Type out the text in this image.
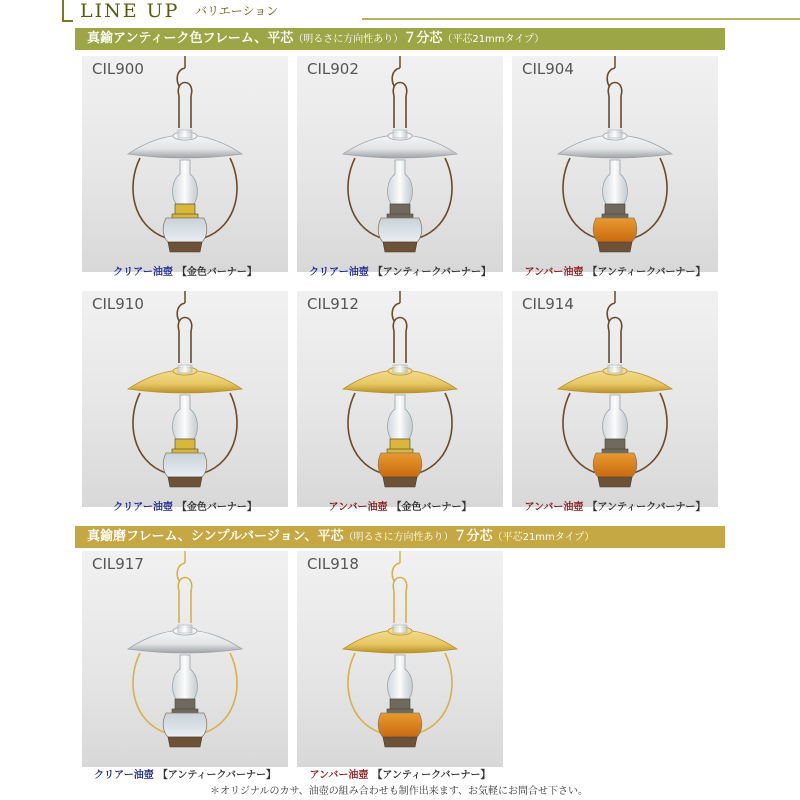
LINE UP バリエーション
真鍮アンティーク色フレーム、平芯（明るさに方向性あり）７分芯（平芯21mmタイプ）
真鍮磨フレーム、シンプルバージョン、平芯（明るさに方向性あり）７分芯（平芯21mmタイプ）
CIL900
クリアー油壺 【金色バーナー】
CIL902
クリアー油壺 【アンティークバーナー】
CIL904
アンバー油壺 【アンティークバーナー】
CIL910
クリアー油壺 【金色バーナー】
CIL912
アンバー油壺 【金色バーナー】
CIL914
アンバー油壺 【アンティークバーナー】
CIL917
クリアー油壺 【アンティークバーナー】
CIL918
アンバー油壺 【アンティークバーナー】
＊オリジナルのカサ、油壺の組み合わせも制作出来ます、お気軽にお問合せ下さい。
